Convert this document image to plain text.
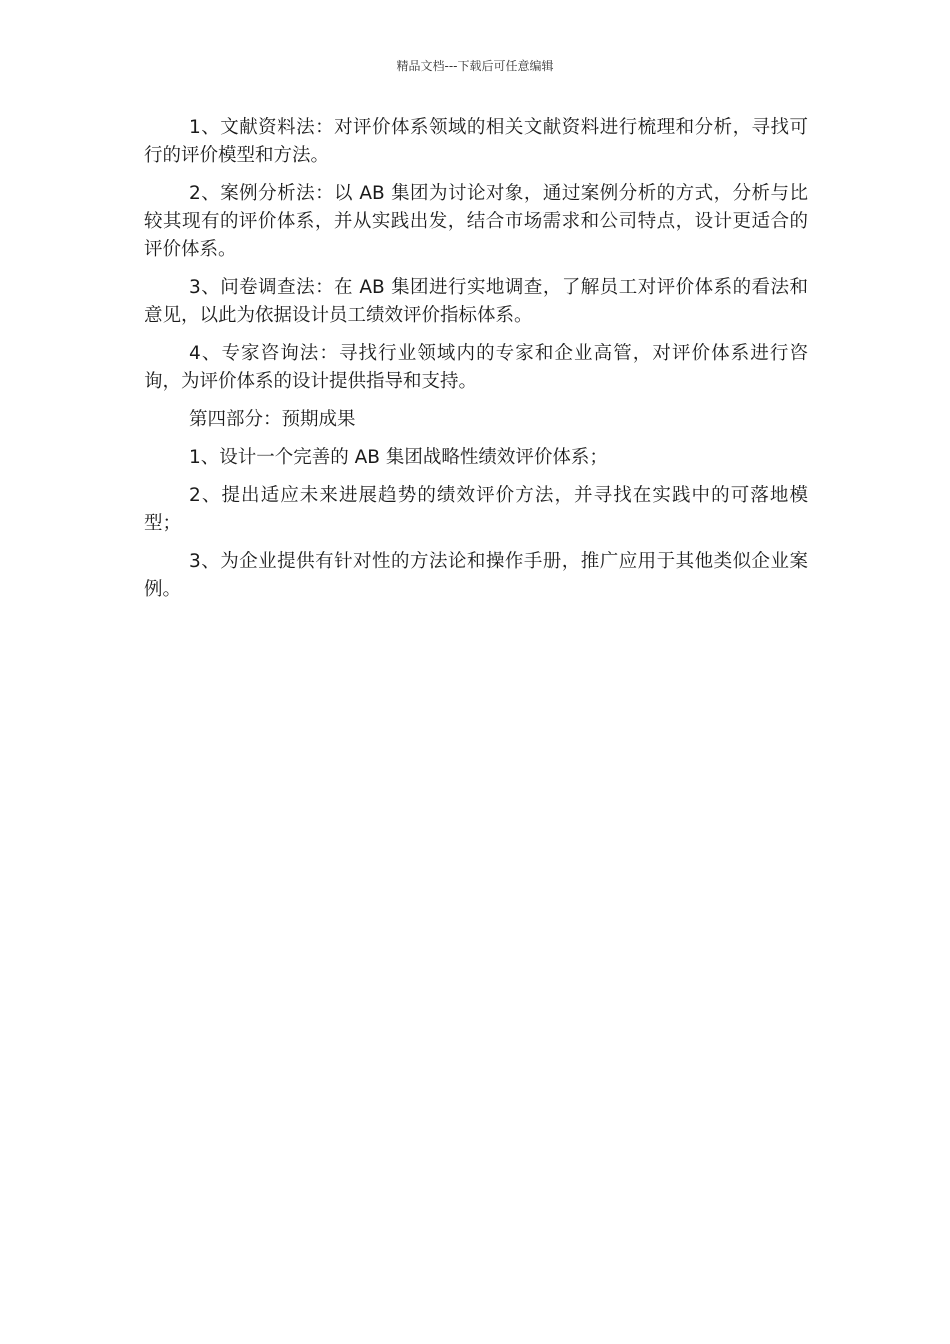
精品文档---下载后可任意编辑

1、文献资料法：对评价体系领域的相关文献资料进行梳理和分析，寻找可行的评价模型和方法。

2、案例分析法：以 AB 集团为讨论对象，通过案例分析的方式，分析与比较其现有的评价体系，并从实践出发，结合市场需求和公司特点，设计更适合的评价体系。

3、问卷调查法：在 AB 集团进行实地调查，了解员工对评价体系的看法和意见，以此为依据设计员工绩效评价指标体系。

4、专家咨询法：寻找行业领域内的专家和企业高管，对评价体系进行咨询，为评价体系的设计提供指导和支持。

第四部分：预期成果

1、设计一个完善的 AB 集团战略性绩效评价体系；

2、提出适应未来进展趋势的绩效评价方法，并寻找在实践中的可落地模型；

3、为企业提供有针对性的方法论和操作手册，推广应用于其他类似企业案例。
